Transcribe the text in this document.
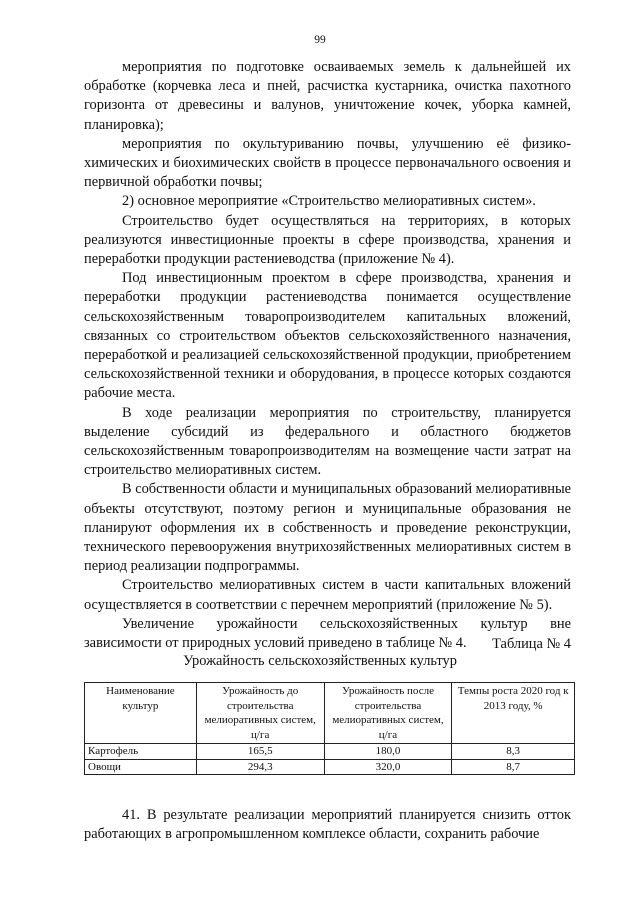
99

мероприятия по подготовке осваиваемых земель к дальнейшей их обработке (корчевка леса и пней, расчистка кустарника, очистка пахотного горизонта от древесины и валунов, уничтожение кочек, уборка камней, планировка);

мероприятия по окультуриванию почвы, улучшению её физико-химических и биохимических свойств в процессе первоначального освоения и первичной обработки почвы;

2) основное мероприятие «Строительство мелиоративных систем».

Строительство будет осуществляться на территориях, в которых реализуются инвестиционные проекты в сфере производства, хранения и переработки продукции растениеводства (приложение № 4).

Под инвестиционным проектом в сфере производства, хранения и переработки продукции растениеводства понимается осуществление сельскохозяйственным товаропроизводителем капитальных вложений, связанных со строительством объектов сельскохозяйственного назначения, переработкой и реализацией сельскохозяйственной продукции, приобретением сельскохозяйственной техники и оборудования, в процессе которых создаются рабочие места.

В ходе реализации мероприятия по строительству, планируется выделение субсидий из федерального и областного бюджетов сельскохозяйственным товаропроизводителям на возмещение части затрат на строительство мелиоративных систем.

В собственности области и муниципальных образований мелиоративные объекты отсутствуют, поэтому регион и муниципальные образования не планируют оформления их в собственность и проведение реконструкции, технического перевооружения внутрихозяйственных мелиоративных систем в период реализации подпрограммы.

Строительство мелиоративных систем в части капитальных вложений осуществляется в соответствии с перечнем мероприятий (приложение № 5).

Увеличение урожайности сельскохозяйственных культур вне зависимости от природных условий приведено в таблице № 4.	Таблица № 4
Урожайность сельскохозяйственных культур
Наименование культур	Урожайность до строительства мелиоративных систем, ц/га	Урожайность после строительства мелиоративных систем, ц/га	Темпы роста 2020 год к 2013 году, %
Картофель	165,5	180,0	8,3
Овощи	294,3	320,0	8,7

41. В результате реализации мероприятий планируется снизить отток работающих в агропромышленном комплексе области, сохранить рабочие
